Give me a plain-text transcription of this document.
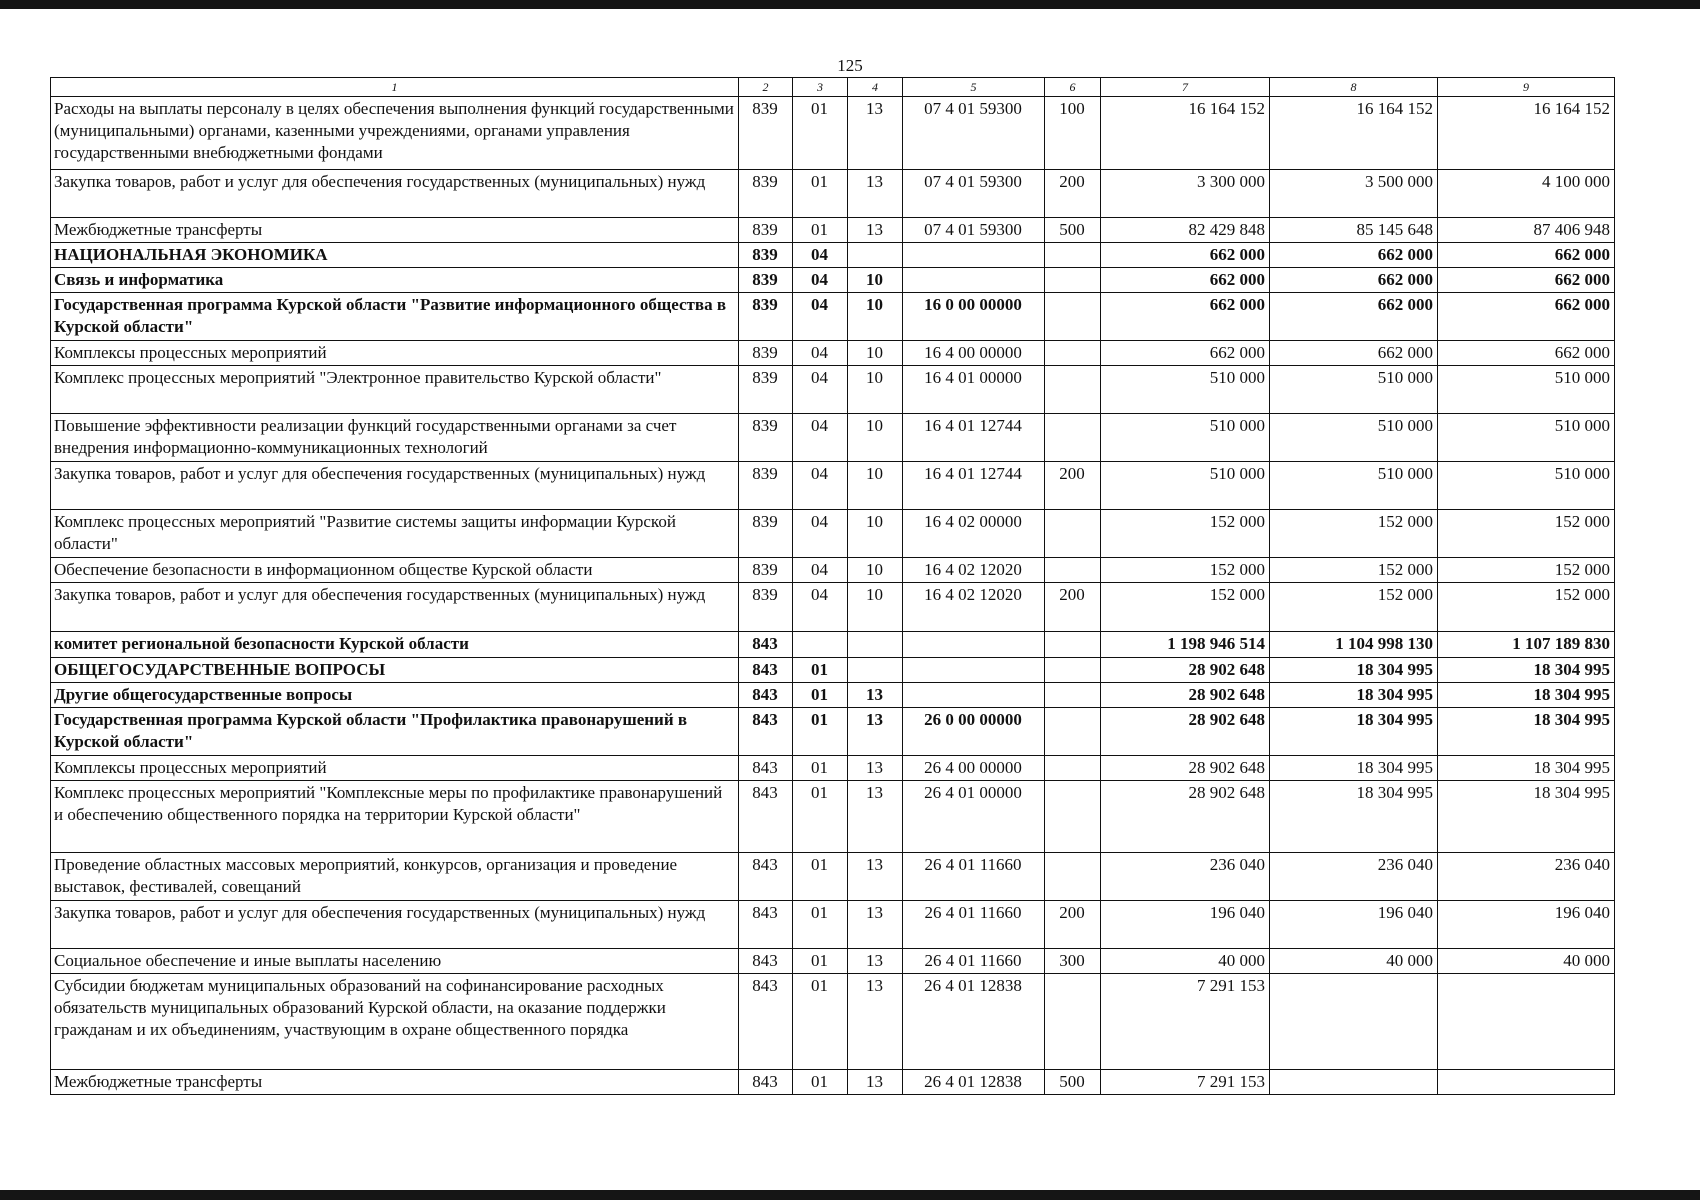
125
1	2	3	4	5	6	7	8	9
Расходы на выплаты персоналу в целях обеспечения выполнения функций государственными (муниципальными) органами, казенными учреждениями, органами управления государственными внебюджетными фондами	839	01	13	07 4 01 59300	100	16 164 152	16 164 152	16 164 152
Закупка товаров, работ и услуг для обеспечения государственных (муниципальных) нужд	839	01	13	07 4 01 59300	200	3 300 000	3 500 000	4 100 000
Межбюджетные трансферты	839	01	13	07 4 01 59300	500	82 429 848	85 145 648	87 406 948
НАЦИОНАЛЬНАЯ ЭКОНОМИКА	839	04				662 000	662 000	662 000
Связь и информатика	839	04	10			662 000	662 000	662 000
Государственная программа Курской области "Развитие информационного общества в Курской области"	839	04	10	16 0 00 00000		662 000	662 000	662 000
Комплексы процессных мероприятий	839	04	10	16 4 00 00000		662 000	662 000	662 000
Комплекс процессных мероприятий "Электронное правительство Курской области"	839	04	10	16 4 01 00000		510 000	510 000	510 000
Повышение эффективности реализации функций государственными органами за счет внедрения информационно-коммуникационных технологий	839	04	10	16 4 01 12744		510 000	510 000	510 000
Закупка товаров, работ и услуг для обеспечения государственных (муниципальных) нужд	839	04	10	16 4 01 12744	200	510 000	510 000	510 000
Комплекс процессных мероприятий "Развитие системы защиты информации Курской области"	839	04	10	16 4 02 00000		152 000	152 000	152 000
Обеспечение безопасности в информационном обществе Курской области	839	04	10	16 4 02 12020		152 000	152 000	152 000
Закупка товаров, работ и услуг для обеспечения государственных (муниципальных) нужд	839	04	10	16 4 02 12020	200	152 000	152 000	152 000
комитет региональной безопасности Курской области	843					1 198 946 514	1 104 998 130	1 107 189 830
ОБЩЕГОСУДАРСТВЕННЫЕ ВОПРОСЫ	843	01				28 902 648	18 304 995	18 304 995
Другие общегосударственные вопросы	843	01	13			28 902 648	18 304 995	18 304 995
Государственная программа Курской области "Профилактика правонарушений в Курской области"	843	01	13	26 0 00 00000		28 902 648	18 304 995	18 304 995
Комплексы процессных мероприятий	843	01	13	26 4 00 00000		28 902 648	18 304 995	18 304 995
Комплекс процессных мероприятий "Комплексные меры по профилактике правонарушений и обеспечению общественного порядка на территории Курской области"	843	01	13	26 4 01 00000		28 902 648	18 304 995	18 304 995
Проведение областных массовых мероприятий, конкурсов, организация и проведение выставок, фестивалей, совещаний	843	01	13	26 4 01 11660		236 040	236 040	236 040
Закупка товаров, работ и услуг для обеспечения государственных (муниципальных) нужд	843	01	13	26 4 01 11660	200	196 040	196 040	196 040
Социальное обеспечение и иные выплаты населению	843	01	13	26 4 01 11660	300	40 000	40 000	40 000
Субсидии бюджетам муниципальных образований на софинансирование расходных обязательств муниципальных образований Курской области, на оказание поддержки гражданам и их объединениям, участвующим в охране общественного порядка	843	01	13	26 4 01 12838		7 291 153		
Межбюджетные трансферты	843	01	13	26 4 01 12838	500	7 291 153		
